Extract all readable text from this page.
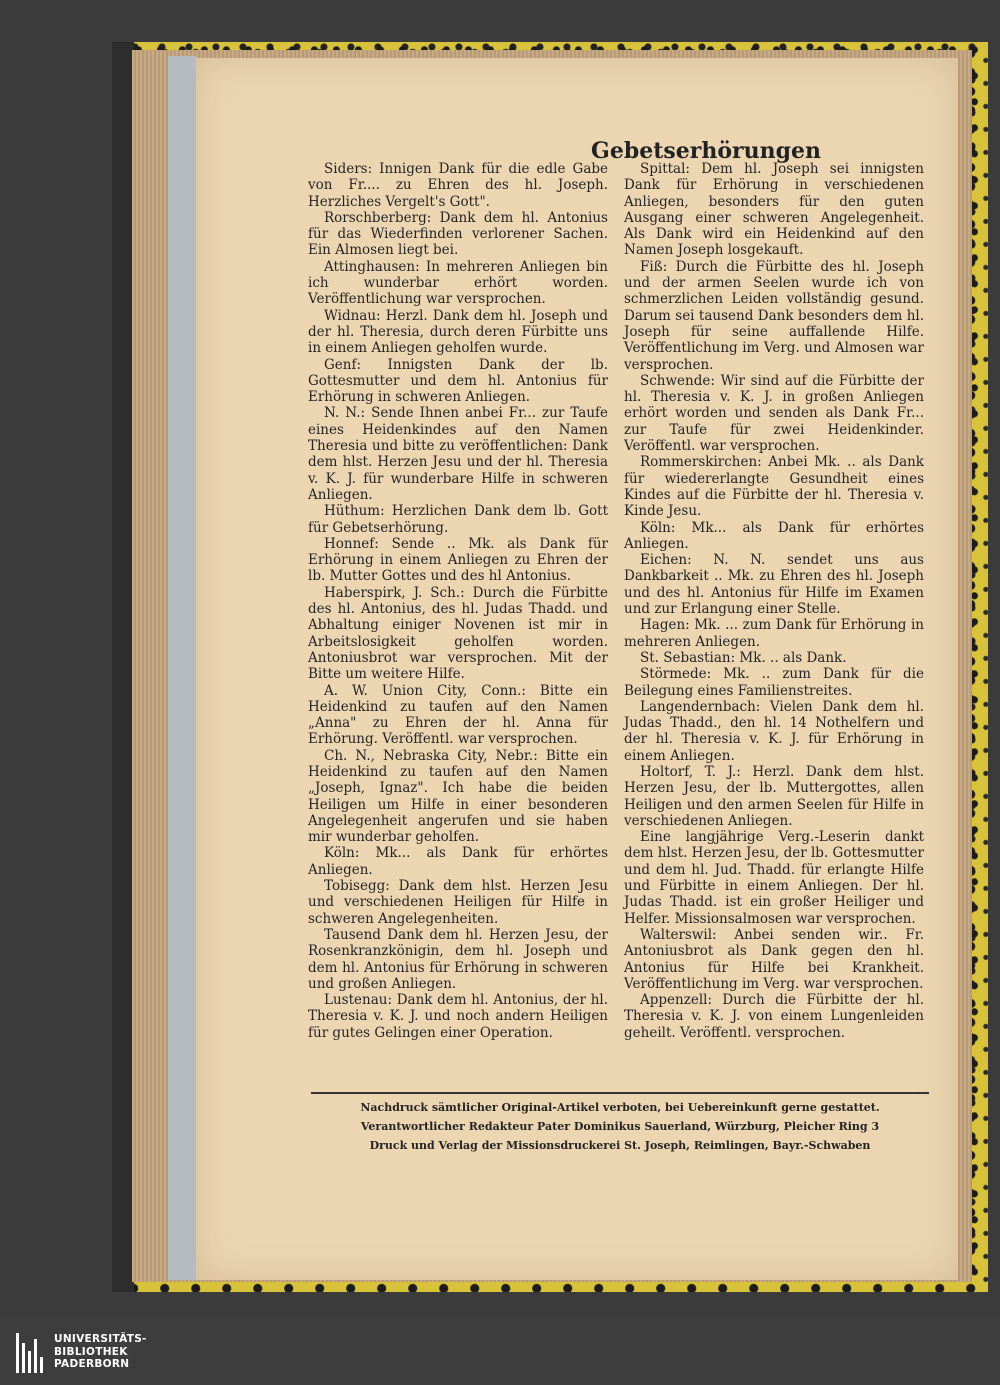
Gebetserhörungen

Siders: Innigen Dank für die edle Gabe von Fr.... zu Ehren des hl. Joseph. Herzliches Vergelt's Gott".

Rorschberberg: Dank dem hl. Antonius für das Wiederfinden verlorener Sachen. Ein Almosen liegt bei.

Attinghausen: In mehreren Anliegen bin ich wunderbar erhört worden. Veröffentlichung war versprochen.

Widnau: Herzl. Dank dem hl. Joseph und der hl. Theresia, durch deren Fürbitte uns in einem Anliegen geholfen wurde.

Genf: Innigsten Dank der lb. Gottesmutter und dem hl. Antonius für Erhörung in schweren Anliegen.

N. N.: Sende Ihnen anbei Fr... zur Taufe eines Heidenkindes auf den Namen Theresia und bitte zu veröffentlichen: Dank dem hlst. Herzen Jesu und der hl. Theresia v. K. J. für wunderbare Hilfe in schweren Anliegen.

Hüthum: Herzlichen Dank dem lb. Gott für Gebetserhörung.

Honnef: Sende .. Mk. als Dank für Erhörung in einem Anliegen zu Ehren der lb. Mutter Gottes und des hl Antonius.

Haberspirk, J. Sch.: Durch die Fürbitte des hl. Antonius, des hl. Judas Thadd. und Abhaltung einiger Novenen ist mir in Arbeitslosigkeit geholfen worden. Antoniusbrot war versprochen. Mit der Bitte um weitere Hilfe.

A. W. Union City, Conn.: Bitte ein Heidenkind zu taufen auf den Namen „Anna" zu Ehren der hl. Anna für Erhörung. Veröffentl. war versprochen.

Ch. N., Nebraska City, Nebr.: Bitte ein Heidenkind zu taufen auf den Namen „Joseph, Ignaz". Ich habe die beiden Heiligen um Hilfe in einer besonderen Angelegenheit angerufen und sie haben mir wunderbar geholfen.

Köln: Mk... als Dank für erhörtes Anliegen.

Tobisegg: Dank dem hlst. Herzen Jesu und verschiedenen Heiligen für Hilfe in schweren Angelegenheiten.

Tausend Dank dem hl. Herzen Jesu, der Rosenkranzkönigin, dem hl. Joseph und dem hl. Antonius für Erhörung in schweren und großen Anliegen.

Lustenau: Dank dem hl. Antonius, der hl. Theresia v. K. J. und noch andern Heiligen für gutes Gelingen einer Operation.

Spittal: Dem hl. Joseph sei innigsten Dank für Erhörung in verschiedenen Anliegen, besonders für den guten Ausgang einer schweren Angelegenheit. Als Dank wird ein Heidenkind auf den Namen Joseph losgekauft.

Fiß: Durch die Fürbitte des hl. Joseph und der armen Seelen wurde ich von schmerzlichen Leiden vollständig gesund. Darum sei tausend Dank besonders dem hl. Joseph für seine auffallende Hilfe. Veröffentlichung im Verg. und Almosen war versprochen.

Schwende: Wir sind auf die Fürbitte der hl. Theresia v. K. J. in großen Anliegen erhört worden und senden als Dank Fr... zur Taufe für zwei Heidenkinder. Veröffentl. war versprochen.

Rommerskirchen: Anbei Mk. .. als Dank für wiedererlangte Gesundheit eines Kindes auf die Fürbitte der hl. Theresia v. Kinde Jesu.

Köln: Mk... als Dank für erhörtes Anliegen.

Eichen: N. N. sendet uns aus Dankbarkeit .. Mk. zu Ehren des hl. Joseph und des hl. Antonius für Hilfe im Examen und zur Erlangung einer Stelle.

Hagen: Mk. ... zum Dank für Erhörung in mehreren Anliegen.

St. Sebastian: Mk. .. als Dank.

Störmede: Mk. .. zum Dank für die Beilegung eines Familienstreites.

Langendernbach: Vielen Dank dem hl. Judas Thadd., den hl. 14 Nothelfern und der hl. Theresia v. K. J. für Erhörung in einem Anliegen.

Holtorf, T. J.: Herzl. Dank dem hlst. Herzen Jesu, der lb. Muttergottes, allen Heiligen und den armen Seelen für Hilfe in verschiedenen Anliegen.

Eine langjährige Verg.-Leserin dankt dem hlst. Herzen Jesu, der lb. Gottesmutter und dem hl. Jud. Thadd. für erlangte Hilfe und Fürbitte in einem Anliegen. Der hl. Judas Thadd. ist ein großer Heiliger und Helfer. Missionsalmosen war versprochen.

Walterswil: Anbei senden wir.. Fr. Antoniusbrot als Dank gegen den hl. Antonius für Hilfe bei Krankheit. Veröffentlichung im Verg. war versprochen.

Appenzell: Durch die Fürbitte der hl. Theresia v. K. J. von einem Lungenleiden geheilt. Veröffentl. versprochen.

Nachdruck sämtlicher Original-Artikel verboten, bei Uebereinkunft gerne gestattet.

Verantwortlicher Redakteur Pater Dominikus Sauerland, Würzburg, Pleicher Ring 3

Druck und Verlag der Missionsdruckerei St. Joseph, Reimlingen, Bayr.-Schwaben

UNIVERSITÄTS-
BIBLIOTHEK
PADERBORN
